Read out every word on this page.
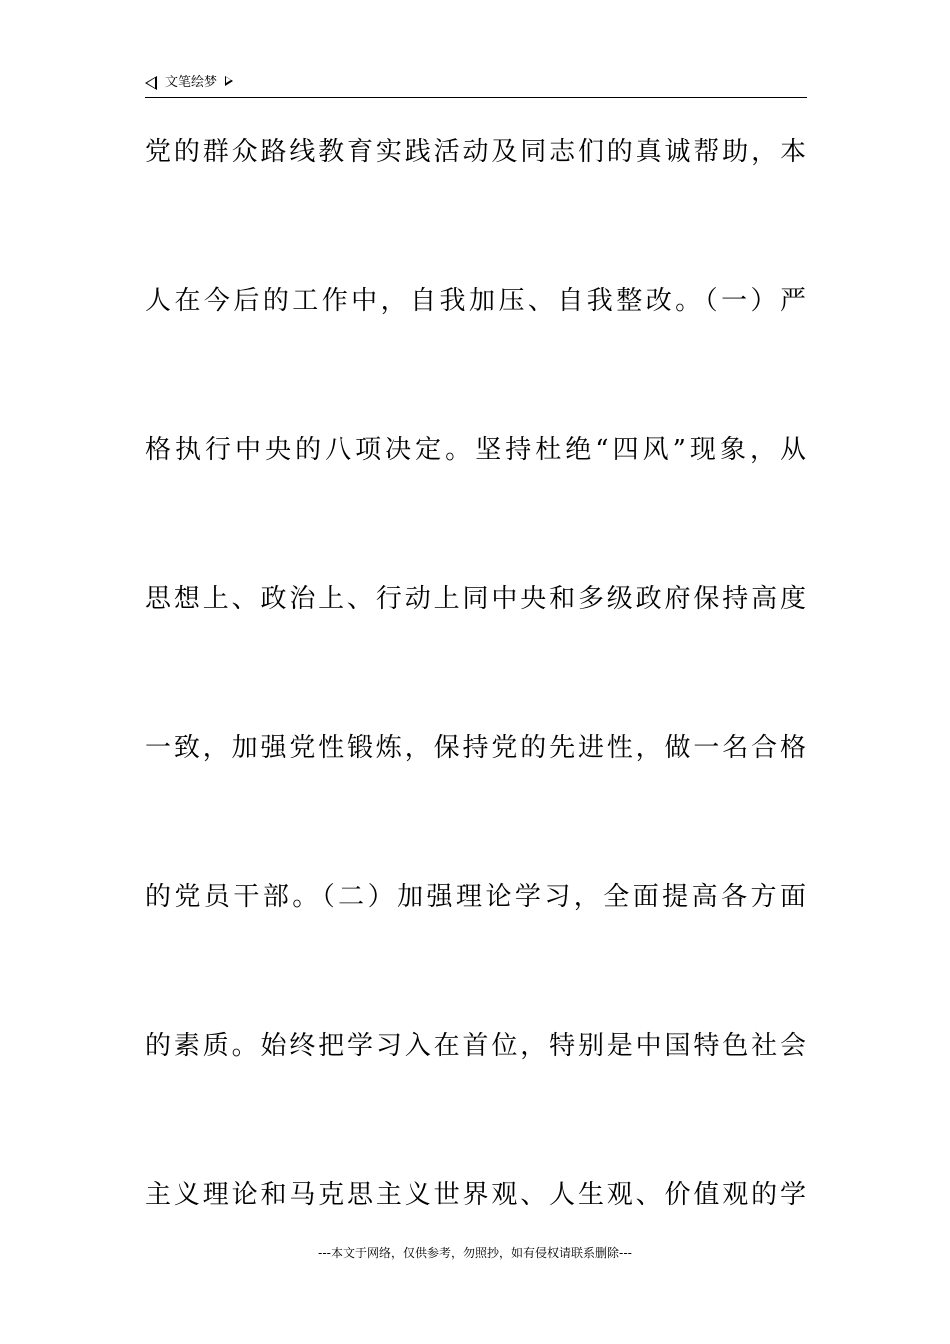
文笔绘梦
党的群众路线教育实践活动及同志们的真诚帮助，本
人在今后的工作中，自我加压、自我整改。（一）严
格执行中央的八项决定。坚持杜绝“四风”现象，从
思想上、政治上、行动上同中央和多级政府保持高度
一致，加强党性锻炼，保持党的先进性，做一名合格
的党员干部。（二）加强理论学习，全面提高各方面
的素质。始终把学习入在首位，特别是中国特色社会
主义理论和马克思主义世界观、人生观、价值观的学
---本文于网络，仅供参考，勿照抄，如有侵权请联系删除---
